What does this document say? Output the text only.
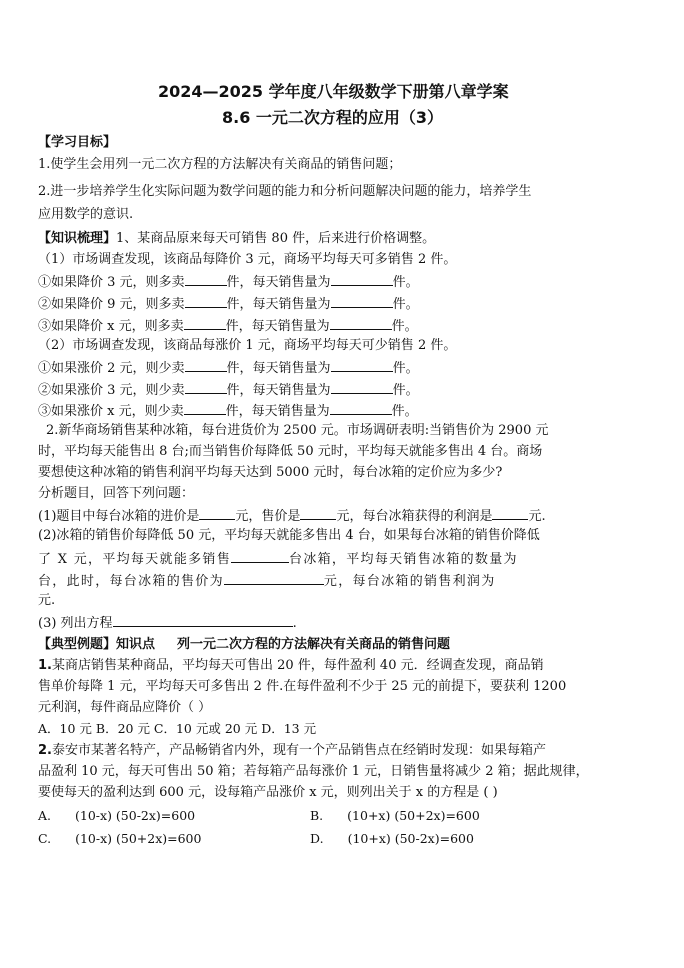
2024—2025 学年度八年级数学下册第八章学案
8.6 一元二次方程的应用（3）
【学习目标】
1.使学生会用列一元二次方程的方法解决有关商品的销售问题；
2.进一步培养学生化实际问题为数学问题的能力和分析问题解决问题的能力，培养学生
应用数学的意识.
【知识梳理】1、某商品原来每天可销售 80 件，后来进行价格调整。
（1）市场调查发现，该商品每降价 3 元，商场平均每天可多销售 2 件。
①如果降价 3 元，则多卖	件，每天销售量为	件。
②如果降价 9 元，则多卖	件，每天销售量为	件。
③如果降价 x 元，则多卖	件，每天销售量为	件。
（2）市场调查发现，该商品每涨价 1 元，商场平均每天可少销售 2 件。
①如果涨价 2 元，则少卖	件，每天销售量为	件。
②如果涨价 3 元，则少卖	件，每天销售量为	件。
③如果涨价 x 元，则少卖	件，每天销售量为	件。
2.新华商场销售某种冰箱，每台进货价为 2500 元。市场调研表明:当销售价为 2900 元
时，平均每天能售出 8 台;而当销售价每降低 50 元时，平均每天就能多售出 4 台。商场
要想使这种冰箱的销售利润平均每天达到 5000 元时，每台冰箱的定价应为多少?
分析题目，回答下列问题：
(1)题目中每台冰箱的进价是	元，售价是	元，每台冰箱获得的利润是	元.
(2)冰箱的销售价每降低 50 元，平均每天就能多售出 4 台，如果每台冰箱的销售价降低
了 X 元，平均每天就能多销售	台冰箱，平均每天销售冰箱的数量为
台，此时，每台冰箱的售价为	元，每台冰箱的销售利润为
元.
(3) 列出方程	.
【典型例题】知识点 列一元二次方程的方法解决有关商品的销售问题
1.某商店销售某种商品，平均每天可售出 20 件，每件盈利 40 元．经调查发现，商品销
售单价每降 1 元，平均每天可多售出 2 件.在每件盈利不少于 25 元的前提下，要获利 1200
元利润，每件商品应降价（ ）
A．10 元 B．20 元 C．10 元或 20 元 D．13 元
2.泰安市某著名特产，产品畅销省内外，现有一个产品销售点在经销时发现：如果每箱产
品盈利 10 元，每天可售出 50 箱；若每箱产品每涨价 1 元，日销售量将减少 2 箱；据此规律，
要使每天的盈利达到 600 元，设每箱产品涨价 x 元，则列出关于 x 的方程是 ( )
A. (10-x) (50-2x)=600	B. (10+x) (50+2x)=600
C. (10-x) (50+2x)=600	D. (10+x) (50-2x)=600
